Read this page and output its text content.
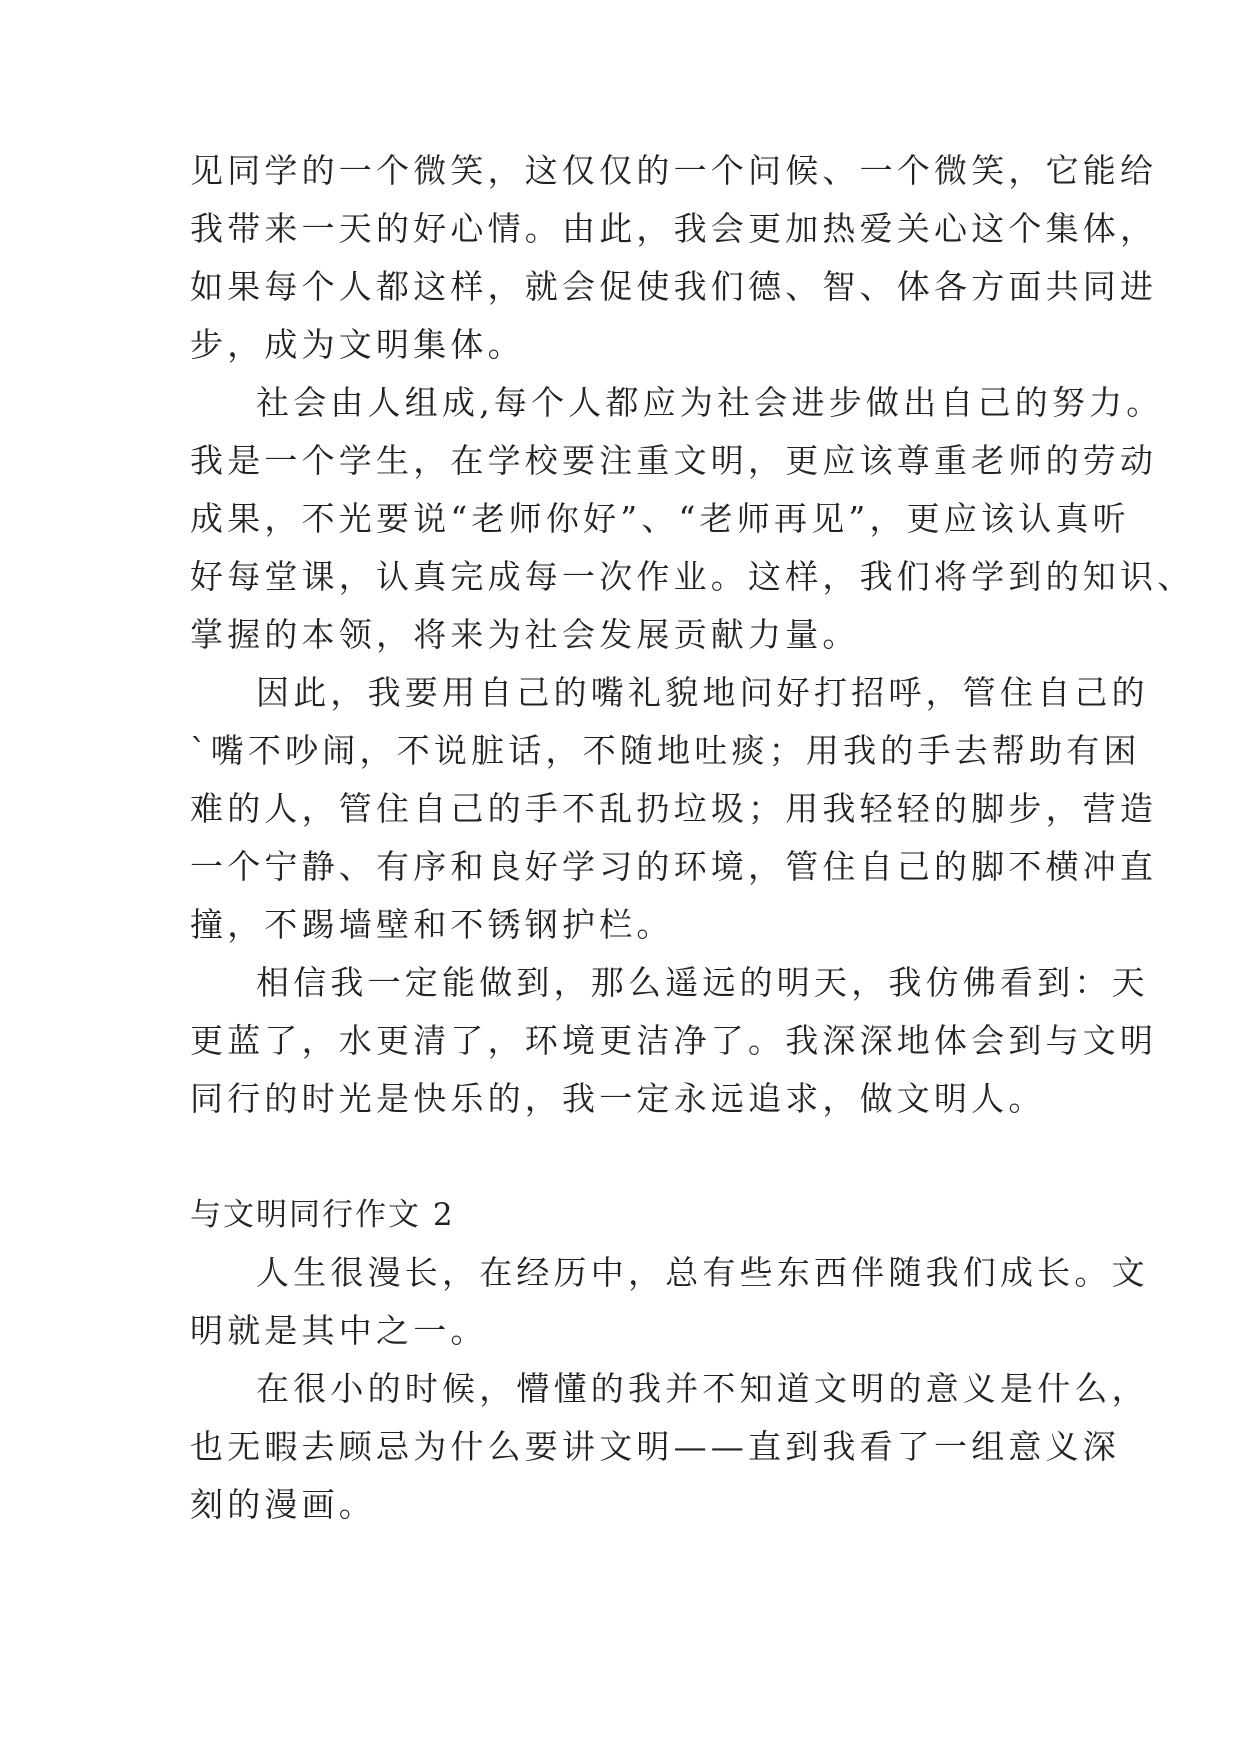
见同学的一个微笑，这仅仅的一个问候、一个微笑，它能给
我带来一天的好心情。由此，我会更加热爱关心这个集体，
如果每个人都这样，就会促使我们德、智、体各方面共同进
步，成为文明集体。
社会由人组成,每个人都应为社会进步做出自己的努力。
我是一个学生，在学校要注重文明，更应该尊重老师的劳动
成果，不光要说“老师你好”、“老师再见”，更应该认真听
好每堂课，认真完成每一次作业。这样，我们将学到的知识、
掌握的本领，将来为社会发展贡献力量。
因此，我要用自己的嘴礼貌地问好打招呼，管住自己的
`嘴不吵闹，不说脏话，不随地吐痰；用我的手去帮助有困
难的人，管住自己的手不乱扔垃圾；用我轻轻的脚步，营造
一个宁静、有序和良好学习的环境，管住自己的脚不横冲直
撞，不踢墙壁和不锈钢护栏。
相信我一定能做到，那么遥远的明天，我仿佛看到：天
更蓝了，水更清了，环境更洁净了。我深深地体会到与文明
同行的时光是快乐的，我一定永远追求，做文明人。
与文明同行作文 2
人生很漫长，在经历中，总有些东西伴随我们成长。文
明就是其中之一。
在很小的时候，懵懂的我并不知道文明的意义是什么，
也无暇去顾忌为什么要讲文明——直到我看了一组意义深
刻的漫画。
